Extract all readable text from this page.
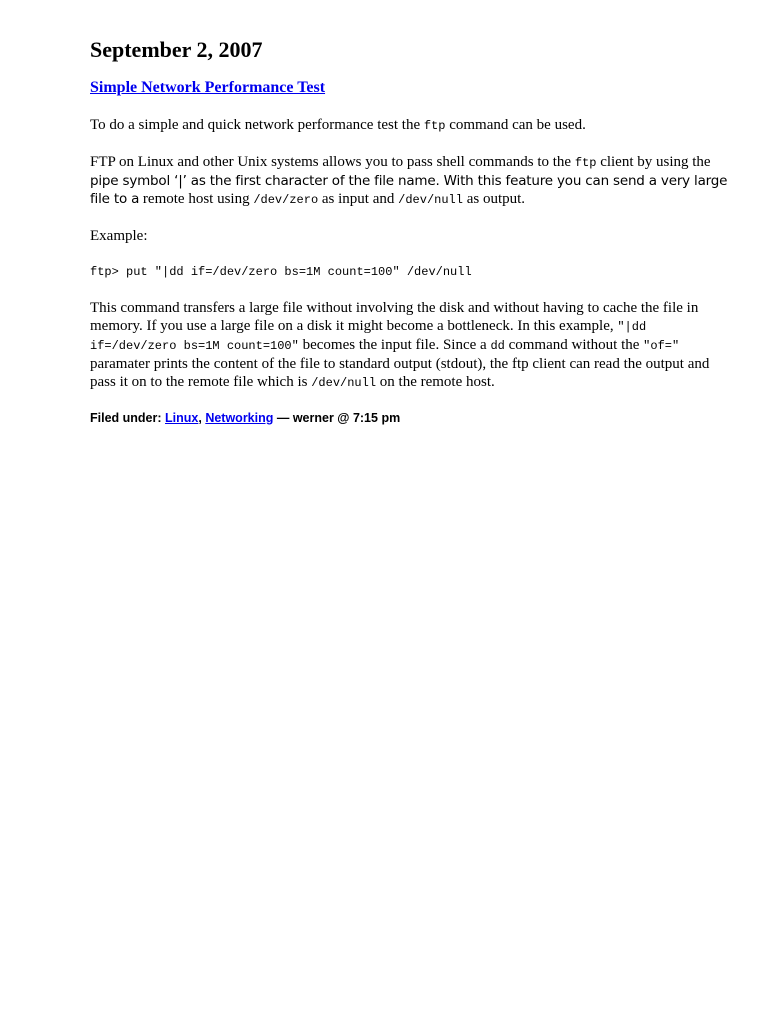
September 2, 2007
Simple Network Performance Test

To do a simple and quick network performance test the ftp command can be used.

FTP on Linux and other Unix systems allows you to pass shell commands to the ftp client by using the pipe symbol ‘|’ as the first character of the file name. With this feature you can send a very large file to a remote host using /dev/zero as input and /dev/null as output.

Example:

ftp> put "|dd if=/dev/zero bs=1M count=100" /dev/null

This command transfers a large file without involving the disk and without having to cache the file in memory. If you use a large file on a disk it might become a bottleneck. In this example, "|dd if=/dev/zero bs=1M count=100" becomes the input file. Since a dd command without the "of=" paramater prints the content of the file to standard output (stdout), the ftp client can read the output and pass it on to the remote file which is /dev/null on the remote host.

Filed under: Linux, Networking — werner @ 7:15 pm
